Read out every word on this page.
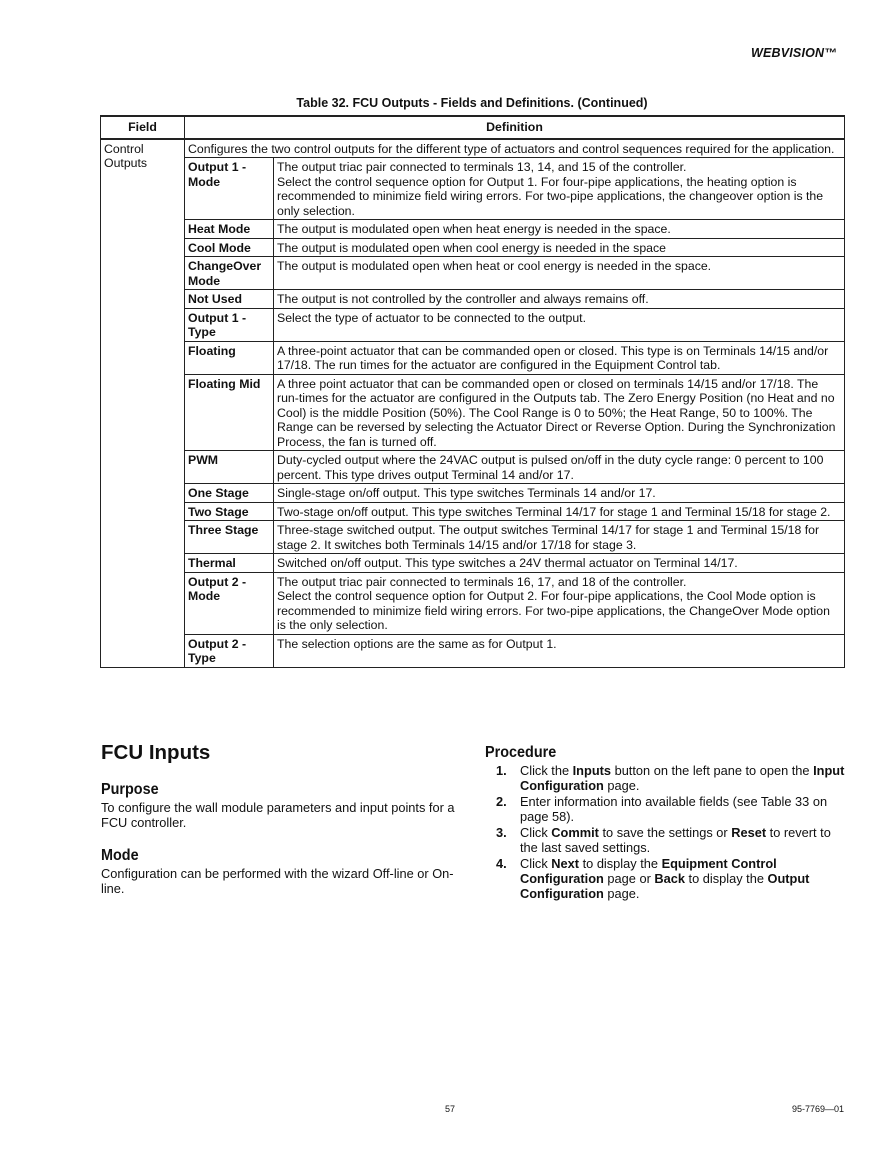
WEBVISION™
Table 32. FCU Outputs - Fields and Definitions. (Continued)
Field	Definition	
Control Outputs	Configures the two control outputs for the different type of actuators and control sequences required for the application.	
	Output 1 - Mode	The output triac pair connected to terminals 13, 14, and 15 of the controller.
Select the control sequence option for Output 1. For four-pipe applications, the heating option is recommended to minimize field wiring errors. For two-pipe applications, the changeover option is the only selection.

	Heat Mode	The output is modulated open when heat energy is needed in the space.

	Cool Mode	The output is modulated open when cool energy is needed in the space

	ChangeOver Mode	The output is modulated open when heat or cool energy is needed in the space.

	Not Used	The output is not controlled by the controller and always remains off.

	Output 1 - Type	Select the type of actuator to be connected to the output.

	Floating	A three-point actuator that can be commanded open or closed. This type is on Terminals 14/15 and/or 17/18. The run times for the actuator are configured in the Equipment Control tab.

	Floating Mid	A three point actuator that can be commanded open or closed on terminals 14/15 and/or 17/18. The run-times for the actuator are configured in the Outputs tab. The Zero Energy Position (no Heat and no Cool) is the middle Position (50%). The Cool Range is 0 to 50%; the Heat Range, 50 to 100%. The Range can be reversed by selecting the Actuator Direct or Reverse Option. During the Synchronization Process, the fan is turned off.

	PWM	Duty-cycled output where the 24VAC output is pulsed on/off in the duty cycle range: 0 percent to 100 percent. This type drives output Terminal 14 and/or 17.

	One Stage	Single-stage on/off output. This type switches Terminals 14 and/or 17.

	Two Stage	Two-stage on/off output. This type switches Terminal 14/17 for stage 1 and Terminal 15/18 for stage 2.

	Three Stage	Three-stage switched output. The output switches Terminal 14/17 for stage 1 and Terminal 15/18 for stage 2. It switches both Terminals 14/15 and/or 17/18 for stage 3.

	Thermal	Switched on/off output. This type switches a 24V thermal actuator on Terminal 14/17.

	Output 2 - Mode	The output triac pair connected to terminals 16, 17, and 18 of the controller.
Select the control sequence option for Output 2. For four-pipe applications, the Cool Mode option is recommended to minimize field wiring errors. For two-pipe applications, the ChangeOver Mode option is the only selection.

	Output 2 - Type	The selection options are the same as for Output 1.
FCU Inputs
Purpose

To configure the wall module parameters and input points for a FCU controller.

Mode

Configuration can be performed with the wizard Off-line or On-line.

Procedure
1. Click the Inputs button on the left pane to open the Input Configuration page.
2. Enter information into available fields (see Table 33 on page 58).
3. Click Commit to save the settings or Reset to revert to the last saved settings.
4. Click Next to display the Equipment Control Configuration page or Back to display the Output Configuration page.
57	95-7769—01
